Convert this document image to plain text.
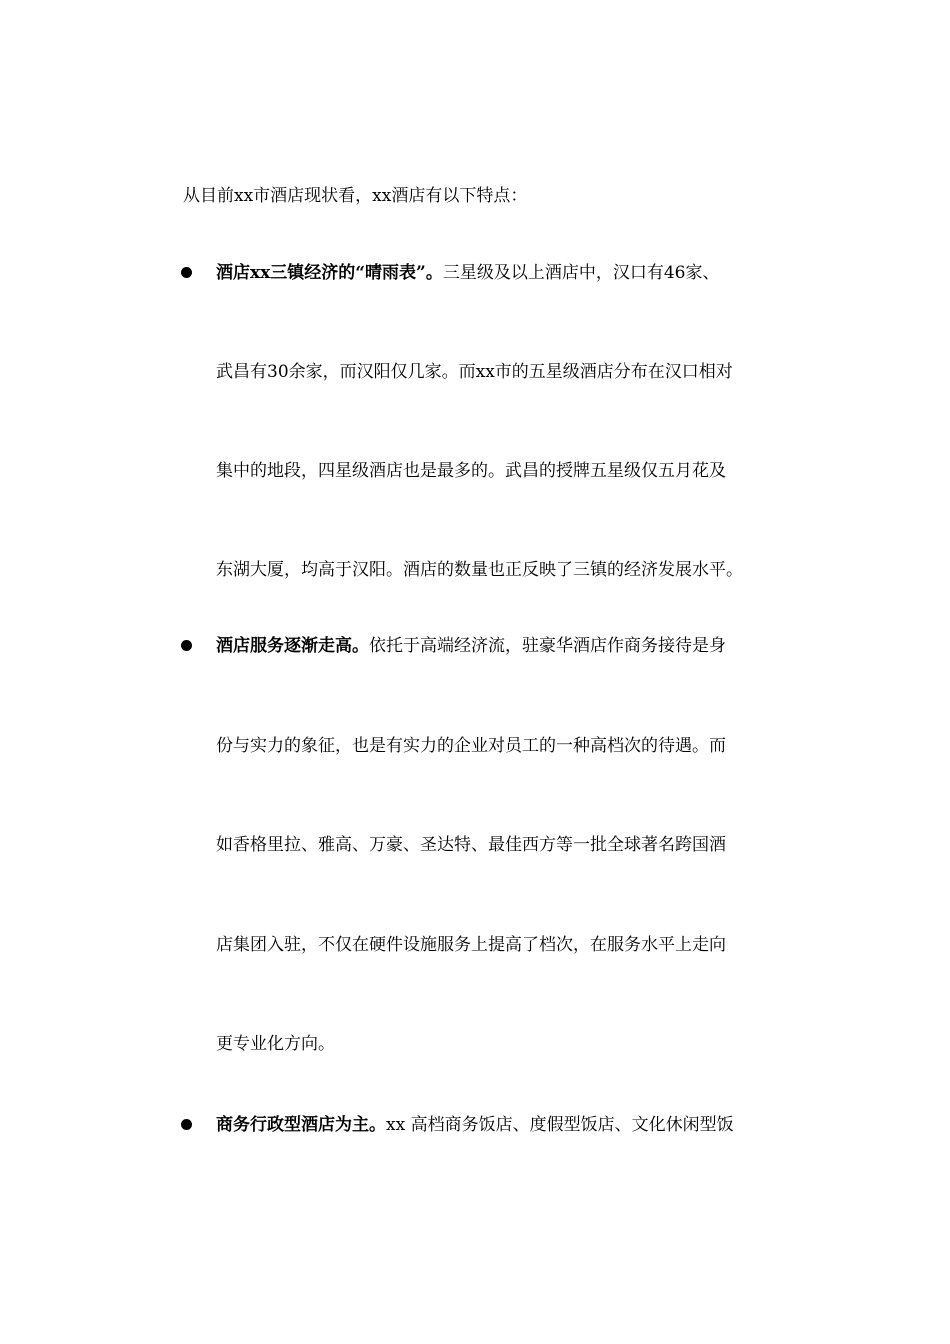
从目前xx市酒店现状看，xx酒店有以下特点：
酒店xx三镇经济的“晴雨表”。三星级及以上酒店中，汉口有46家、
武昌有30余家，而汉阳仅几家。而xx市的五星级酒店分布在汉口相对
集中的地段，四星级酒店也是最多的。武昌的授牌五星级仅五月花及
东湖大厦，均高于汉阳。酒店的数量也正反映了三镇的经济发展水平。
酒店服务逐渐走高。依托于高端经济流，驻豪华酒店作商务接待是身
份与实力的象征，也是有实力的企业对员工的一种高档次的待遇。而
如香格里拉、雅高、万豪、圣达特、最佳西方等一批全球著名跨国酒
店集团入驻，不仅在硬件设施服务上提高了档次，在服务水平上走向
更专业化方向。
商务行政型酒店为主。xx 高档商务饭店、度假型饭店、文化休闲型饭
